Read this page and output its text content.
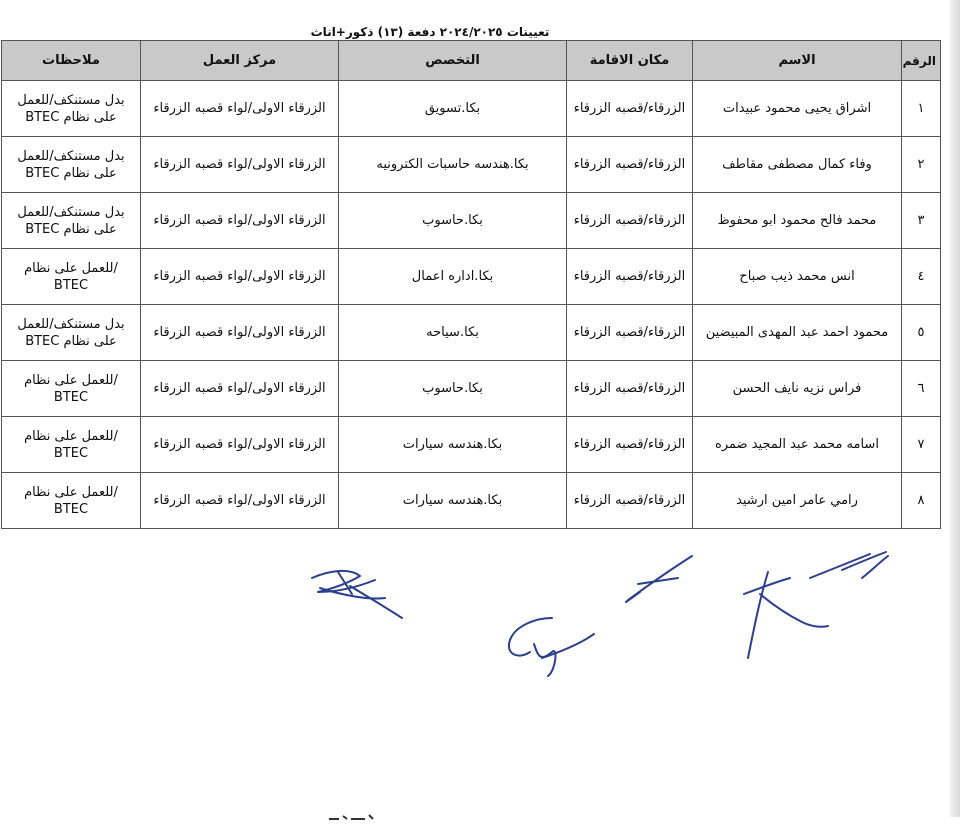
تعيينات ٢٠٢٤/٢٠٢٥ دفعة (١٣) ذكور+اناث
الرقم	الاسم	مكان الاقامة	التخصص	مركز العمل	ملاحظات
١	اشراق يحيى محمود عبيدات	الزرقاء/قصبه الزرقاء	بكا.تسويق	الزرقاء الاولى/لواء قصبه الزرقاء	بدل مستنكف/للعمل على نظام BTEC
٢	وفاء كمال مصطفى مقاطف	الزرقاء/قصبه الزرقاء	بكا.هندسه حاسبات الكترونيه	الزرقاء الاولى/لواء قصبه الزرقاء	بدل مستنكف/للعمل على نظام BTEC
٣	محمد فالح محمود ابو محفوظ	الزرقاء/قصبه الزرقاء	بكا.حاسوب	الزرقاء الاولى/لواء قصبه الزرقاء	بدل مستنكف/للعمل على نظام BTEC
٤	انس محمد ذيب صباح	الزرقاء/قصبه الزرقاء	بكا.اداره اعمال	الزرقاء الاولى/لواء قصبه الزرقاء	/للعمل على نظام BTEC
٥	محمود احمد عبد المهدى المبيضين	الزرقاء/قصبه الزرقاء	بكا.سياحه	الزرقاء الاولى/لواء قصبه الزرقاء	بدل مستنكف/للعمل على نظام BTEC
٦	فراس نزيه نايف الحسن	الزرقاء/قصبه الزرقاء	بكا.حاسوب	الزرقاء الاولى/لواء قصبه الزرقاء	/للعمل على نظام BTEC
٧	اسامه محمد عبد المجيد ضمره	الزرقاء/قصبه الزرقاء	بكا.هندسه سيارات	الزرقاء الاولى/لواء قصبه الزرقاء	/للعمل على نظام BTEC
٨	رامي عامر امين ارشيد	الزرقاء/قصبه الزرقاء	بكا.هندسه سيارات	الزرقاء الاولى/لواء قصبه الزرقاء	/للعمل على نظام BTEC
